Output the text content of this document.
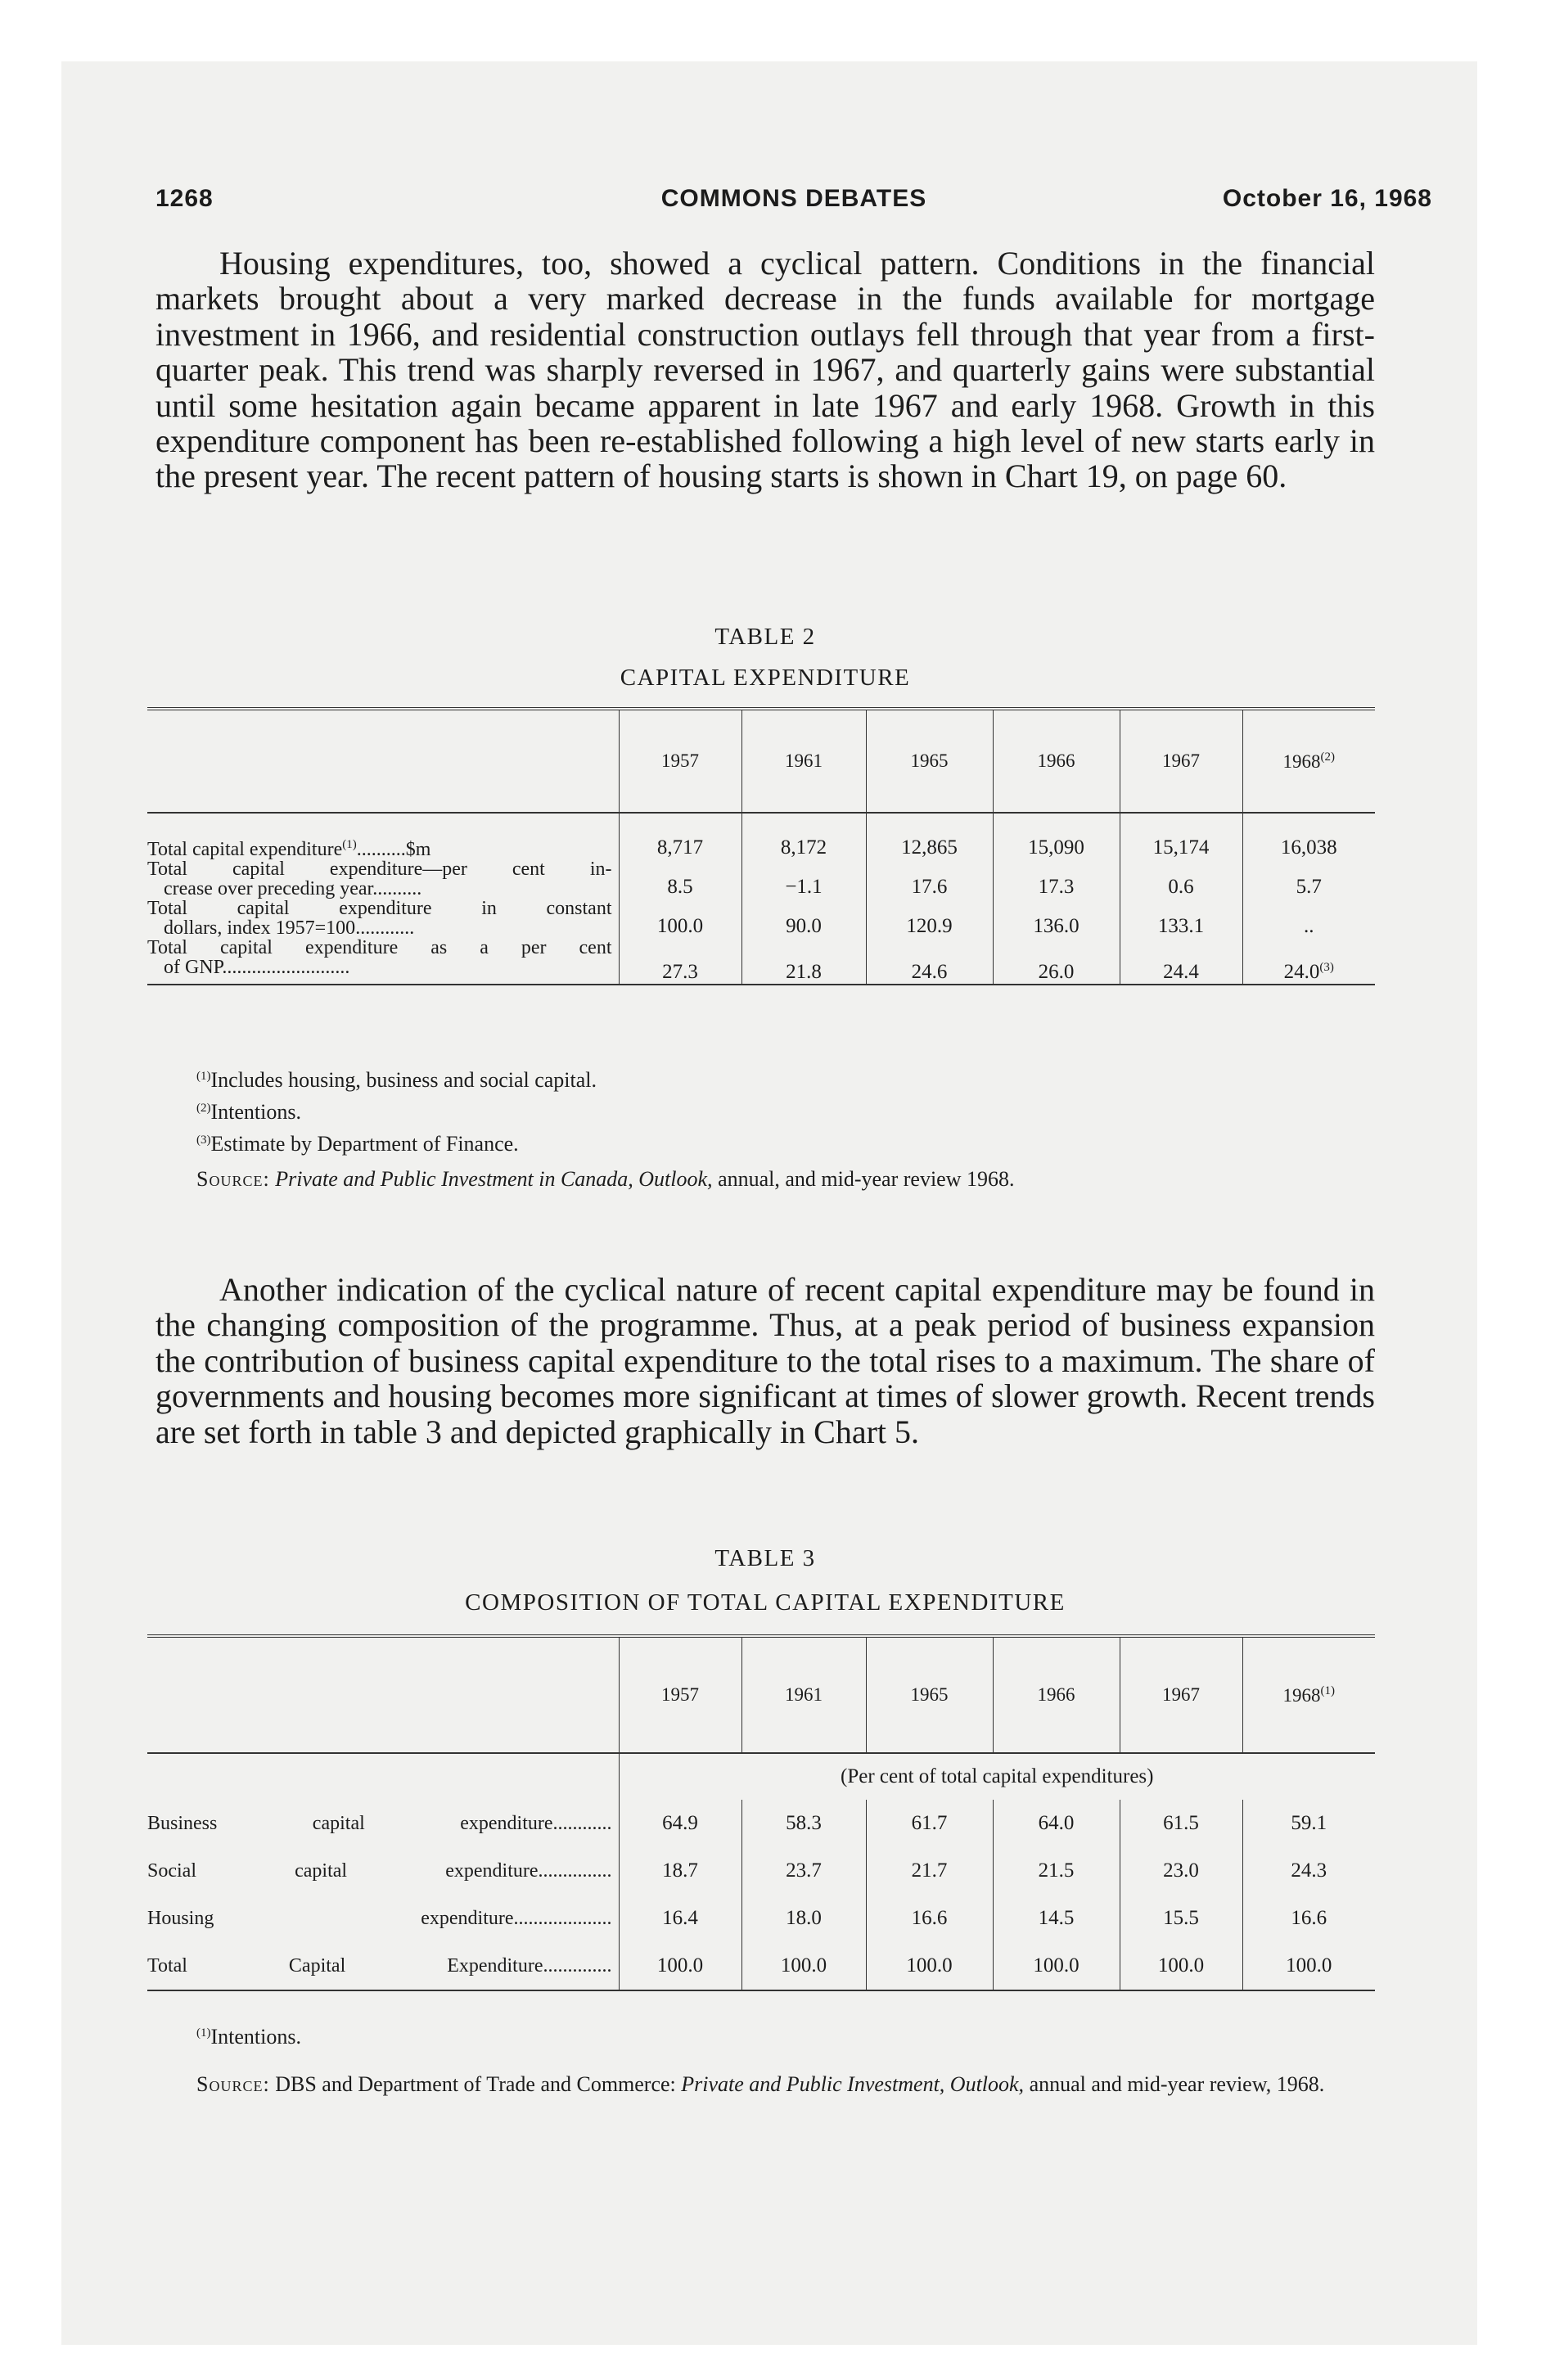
1268	COMMONS DEBATES	October 16, 1968

Housing expenditures, too, showed a cyclical pattern. Conditions in the financial markets brought about a very marked decrease in the funds available for mortgage investment in 1966, and residential construction outlays fell through that year from a first-quarter peak. This trend was sharply reversed in 1967, and quarterly gains were substantial until some hesitation again became apparent in late 1967 and early 1968. Growth in this expenditure component has been re-established following a high level of new starts early in the present year. The recent pattern of housing starts is shown in Chart 19, on page 60.

TABLE 2
CAPITAL EXPENDITURE
	1957	1961	1965	1966	1967	1968$^{(2)}$
Total capital expenditure$^{(1)}$..........$m	8,717	8,172	12,865	15,090	15,174	16,038

Total capital expenditure—per cent in-
crease over preceding year..........	8.5	−1.1	17.6	17.3	0.6	5.7

Total capital expenditure in constant
dollars, index 1957=100............	100.0	90.0	120.9	136.0	133.1	..

Total capital expenditure as a per cent
of GNP..........................	27.3	21.8	24.6	26.0	24.4	24.0$^{(3)}$
$^{(1)}$Includes housing, business and social capital.
$^{(2)}$Intentions.
$^{(3)}$Estimate by Department of Finance.
Source: Private and Public Investment in Canada, Outlook, annual, and mid-year review 1968.

Another indication of the cyclical nature of recent capital expenditure may be found in the changing composition of the programme. Thus, at a peak period of business expansion the contribution of business capital expenditure to the total rises to a maximum. The share of governments and housing becomes more significant at times of slower growth. Recent trends are set forth in table 3 and depicted graphically in Chart 5.

TABLE 3
COMPOSITION OF TOTAL CAPITAL EXPENDITURE
	1957	1961	1965	1966	1967	1968$^{(1)}$
	(Per cent of total capital expenditures)					
Business capital expenditure............	64.9	58.3	61.7	64.0	61.5	59.1
Social capital expenditure...............	18.7	23.7	21.7	21.5	23.0	24.3
Housing expenditure....................	16.4	18.0	16.6	14.5	15.5	16.6
Total Capital Expenditure..............	100.0	100.0	100.0	100.0	100.0	100.0
$^{(1)}$Intentions.
Source: DBS and Department of Trade and Commerce: Private and Public Investment, Outlook, annual and mid-year review, 1968.
